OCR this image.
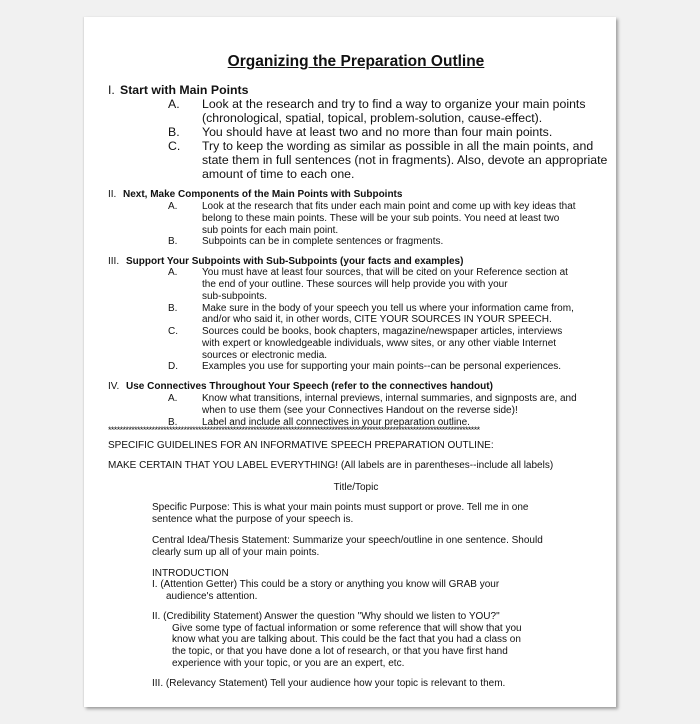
Organizing the Preparation Outline
I. Start with Main Points
A. Look at the research and try to find a way to organize your main points
(chronological, spatial, topical, problem-solution, cause-effect).
B. You should have at least two and no more than four main points.
C. Try to keep the wording as similar as possible in all the main points, and
state them in full sentences (not in fragments). Also, devote an appropriate
amount of time to each one.
II. Next, Make Components of the Main Points with Subpoints
A. Look at the research that fits under each main point and come up with key ideas that
belong to these main points. These will be your sub points. You need at least two
sub points for each main point.
B. Subpoints can be in complete sentences or fragments.
III. Support Your Subpoints with Sub-Subpoints (your facts and examples)
A. You must have at least four sources, that will be cited on your Reference section at
the end of your outline. These sources will help provide you with your
sub-subpoints.
B. Make sure in the body of your speech you tell us where your information came from,
and/or who said it, in other words, CITE YOUR SOURCES IN YOUR SPEECH.
C. Sources could be books, book chapters, magazine/newspaper articles, interviews
with expert or knowledgeable individuals, www sites, or any other viable Internet
sources or electronic media.
D. Examples you use for supporting your main points--can be personal experiences.
IV. Use Connectives Throughout Your Speech (refer to the connectives handout)
A. Know what transitions, internal previews, internal summaries, and signposts are, and
when to use them (see your Connectives Handout on the reverse side)!
B. Label and include all connectives in your preparation outline.
********************************************************************************************************************************
SPECIFIC GUIDELINES FOR AN INFORMATIVE SPEECH PREPARATION OUTLINE:
MAKE CERTAIN THAT YOU LABEL EVERYTHING! (All labels are in parentheses--include all labels)
Title/Topic
Specific Purpose: This is what your main points must support or prove. Tell me in one
sentence what the purpose of your speech is.
Central Idea/Thesis Statement: Summarize your speech/outline in one sentence. Should
clearly sum up all of your main points.
INTRODUCTION
I. (Attention Getter) This could be a story or anything you know will GRAB your
audience's attention.
II. (Credibility Statement) Answer the question "Why should we listen to YOU?"
Give some type of factual information or some reference that will show that you
know what you are talking about. This could be the fact that you had a class on
the topic, or that you have done a lot of research, or that you have first hand
experience with your topic, or you are an expert, etc.
III. (Relevancy Statement) Tell your audience how your topic is relevant to them.
